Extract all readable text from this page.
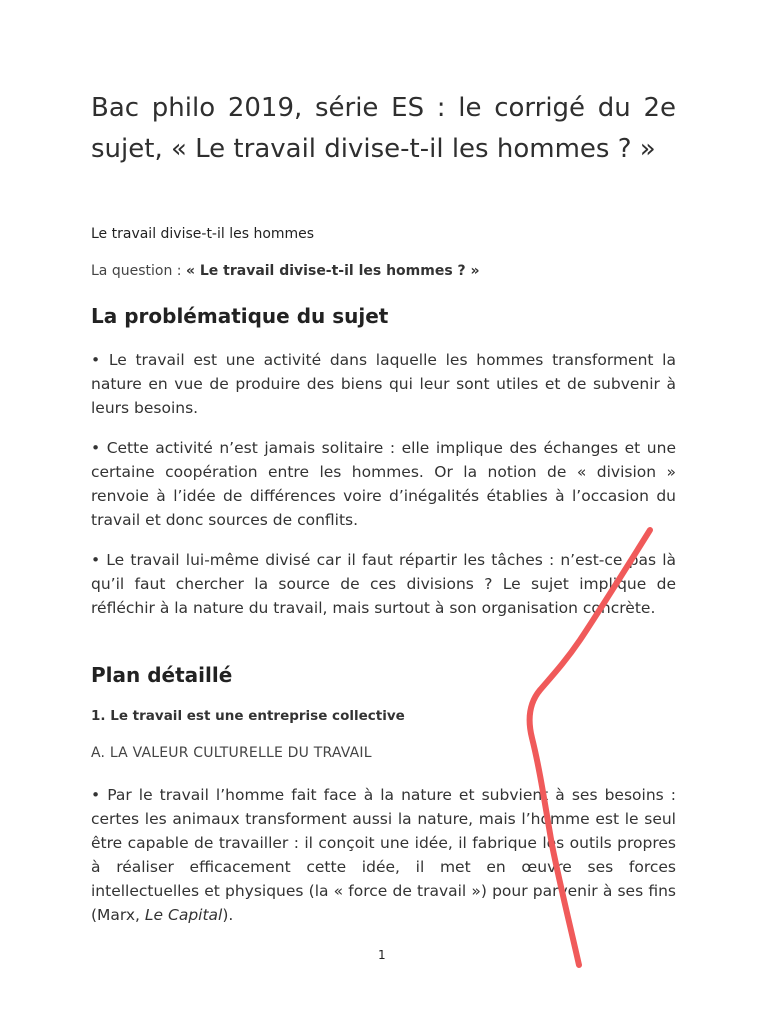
Bac philo 2019, série ES : le corrigé du 2e sujet, « Le travail divise-t-il les hommes ? »
Le travail divise-t-il les hommes
La question : « Le travail divise-t-il les hommes ? »
La problématique du sujet

• Le travail est une activité dans laquelle les hommes transforment la nature en vue de produire des biens qui leur sont utiles et de subvenir à leurs besoins.

• Cette activité n’est jamais solitaire : elle implique des échanges et une certaine coopération entre les hommes. Or la notion de « division » renvoie à l’idée de différences voire d’inégalités établies à l’occasion du travail et donc sources de conflits.

• Le travail lui-même divisé car il faut répartir les tâches : n’est-ce pas là qu’il faut chercher la source de ces divisions ? Le sujet implique de réfléchir à la nature du travail, mais surtout à son organisation concrète.

Plan détaillé
1. Le travail est une entreprise collective
A. LA VALEUR CULTURELLE DU TRAVAIL

• Par le travail l’homme fait face à la nature et subvient à ses besoins : certes les animaux transforment aussi la nature, mais l’homme est le seul être capable de travailler : il conçoit une idée, il fabrique les outils propres à réaliser efficacement cette idée, il met en œuvre ses forces intellectuelles et physiques (la « force de travail ») pour parvenir à ses fins (Marx, Le Capital).

1
